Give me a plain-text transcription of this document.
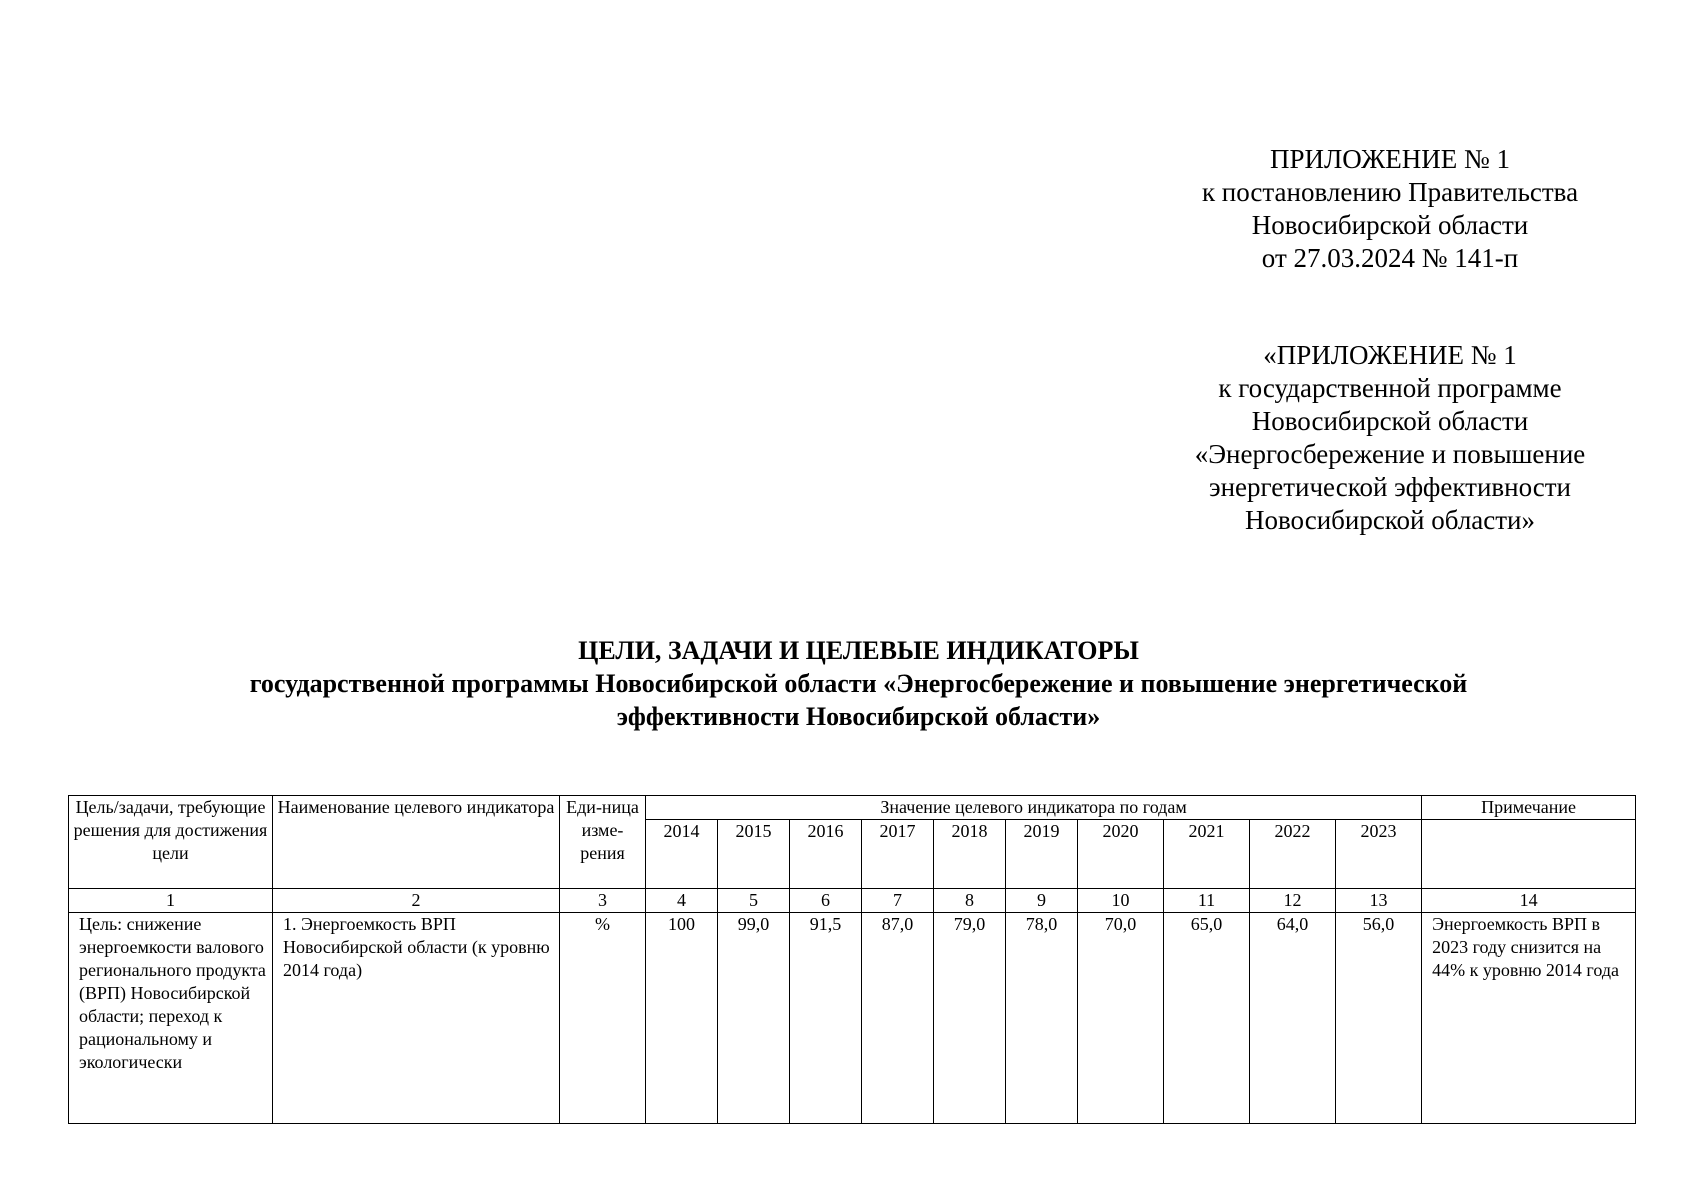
ПРИЛОЖЕНИЕ № 1
к постановлению Правительства
Новосибирской области
от 27.03.2024 № 141-п
«ПРИЛОЖЕНИЕ № 1
к государственной программе
Новосибирской области
«Энергосбережение и повышение
энергетической эффективности
Новосибирской области»
ЦЕЛИ, ЗАДАЧИ И ЦЕЛЕВЫЕ ИНДИКАТОРЫ
государственной программы Новосибирской области «Энергосбережение и повышение энергетической
эффективности Новосибирской области»
Цель/задачи, требующие решения для достижения цели	Наименование целевого индикатора	Еди-ница изме-рения	Значение целевого индикатора по годам										Примечание
			2014	2015	2016	2017	2018	2019	2020	2021	2022	2023	
1	2	3	4	5	6	7	8	9	10	11	12	13	14
Цель: снижение энергоемкости валового регионального продукта (ВРП) Новосибирской области; переход к рациональному и экологически	1. Энергоемкость ВРП Новосибирской области (к уровню 2014 года)	%	100	99,0	91,5	87,0	79,0	78,0	70,0	65,0	64,0	56,0	Энергоемкость ВРП в 2023 году снизится на 44% к уровню 2014 года
